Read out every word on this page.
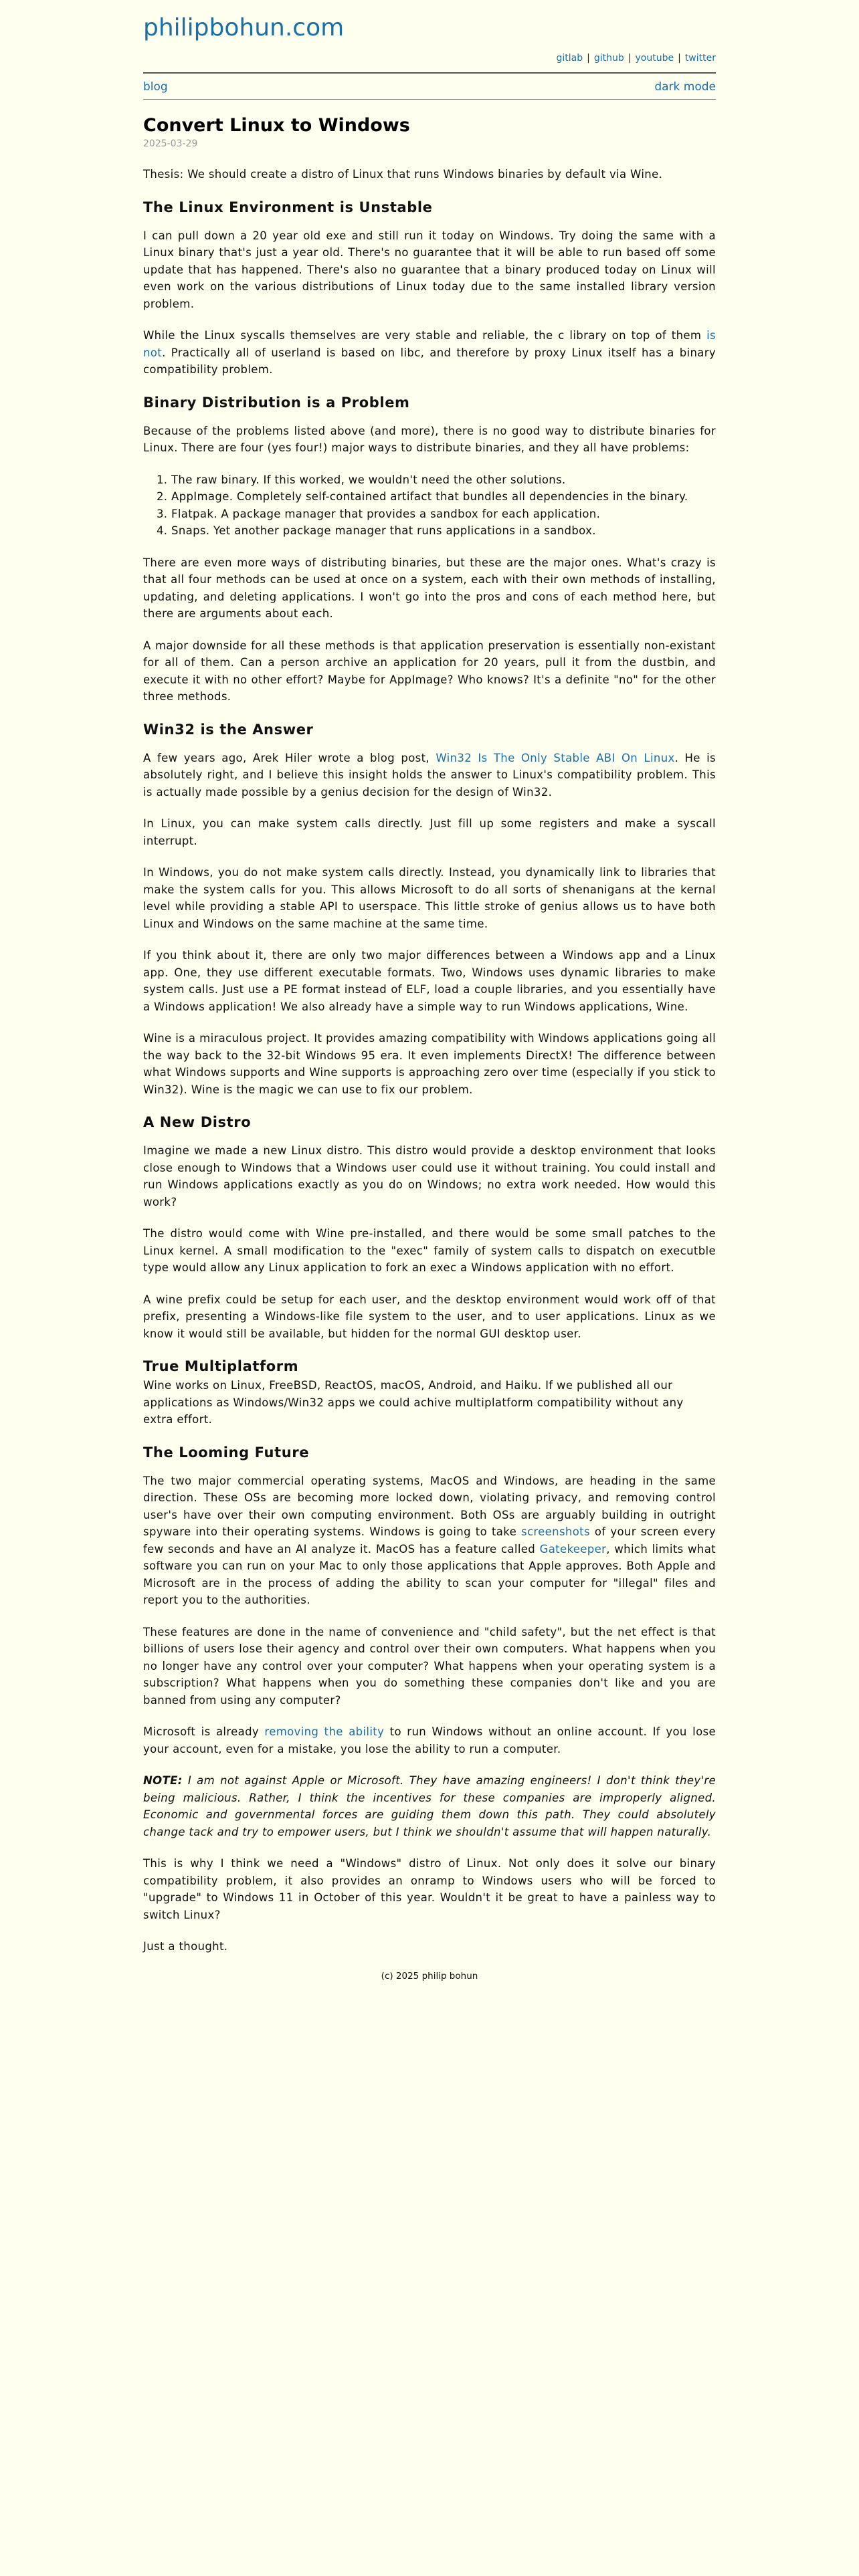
philipbohun.com
gitlab | github | youtube | twitter
blog	dark mode
Convert Linux to Windows
2025-03-29

Thesis: We should create a distro of Linux that runs Windows binaries by default via Wine.

The Linux Environment is Unstable

I can pull down a 20 year old exe and still run it today on Windows. Try doing the same with a Linux binary that's just a year old. There's no guarantee that it will be able to run based off some update that has happened. There's also no guarantee that a binary produced today on Linux will even work on the various distributions of Linux today due to the same installed library version problem.

While the Linux syscalls themselves are very stable and reliable, the c library on top of them is not. Practically all of userland is based on libc, and therefore by proxy Linux itself has a binary compatibility problem.

Binary Distribution is a Problem

Because of the problems listed above (and more), there is no good way to distribute binaries for Linux. There are four (yes four!) major ways to distribute binaries, and they all have problems:

1. The raw binary. If this worked, we wouldn't need the other solutions.
2. AppImage. Completely self-contained artifact that bundles all dependencies in the binary.
3. Flatpak. A package manager that provides a sandbox for each application.
4. Snaps. Yet another package manager that runs applications in a sandbox.

There are even more ways of distributing binaries, but these are the major ones. What's crazy is that all four methods can be used at once on a system, each with their own methods of installing, updating, and deleting applications. I won't go into the pros and cons of each method here, but there are arguments about each.

A major downside for all these methods is that application preservation is essentially non-existant for all of them. Can a person archive an application for 20 years, pull it from the dustbin, and execute it with no other effort? Maybe for AppImage? Who knows? It's a definite "no" for the other three methods.

Win32 is the Answer

A few years ago, Arek Hiler wrote a blog post, Win32 Is The Only Stable ABI On Linux. He is absolutely right, and I believe this insight holds the answer to Linux's compatibility problem. This is actually made possible by a genius decision for the design of Win32.

In Linux, you can make system calls directly. Just fill up some registers and make a syscall interrupt.

In Windows, you do not make system calls directly. Instead, you dynamically link to libraries that make the system calls for you. This allows Microsoft to do all sorts of shenanigans at the kernal level while providing a stable API to userspace. This little stroke of genius allows us to have both Linux and Windows on the same machine at the same time.

If you think about it, there are only two major differences between a Windows app and a Linux app. One, they use different executable formats. Two, Windows uses dynamic libraries to make system calls. Just use a PE format instead of ELF, load a couple libraries, and you essentially have a Windows application! We also already have a simple way to run Windows applications, Wine.

Wine is a miraculous project. It provides amazing compatibility with Windows applications going all the way back to the 32-bit Windows 95 era. It even implements DirectX! The difference between what Windows supports and Wine supports is approaching zero over time (especially if you stick to Win32). Wine is the magic we can use to fix our problem.

A New Distro

Imagine we made a new Linux distro. This distro would provide a desktop environment that looks close enough to Windows that a Windows user could use it without training. You could install and run Windows applications exactly as you do on Windows; no extra work needed. How would this work?

The distro would come with Wine pre-installed, and there would be some small patches to the Linux kernel. A small modification to the "exec" family of system calls to dispatch on executble type would allow any Linux application to fork an exec a Windows application with no effort.

A wine prefix could be setup for each user, and the desktop environment would work off of that prefix, presenting a Windows-like file system to the user, and to user applications. Linux as we know it would still be available, but hidden for the normal GUI desktop user.

True Multiplatform

Wine works on Linux, FreeBSD, ReactOS, macOS, Android, and Haiku. If we published all our applications as Windows/Win32 apps we could achive multiplatform compatibility without any extra effort.

The Looming Future

The two major commercial operating systems, MacOS and Windows, are heading in the same direction. These OSs are becoming more locked down, violating privacy, and removing control user's have over their own computing environment. Both OSs are arguably building in outright spyware into their operating systems. Windows is going to take screenshots of your screen every few seconds and have an AI analyze it. MacOS has a feature called Gatekeeper, which limits what software you can run on your Mac to only those applications that Apple approves. Both Apple and Microsoft are in the process of adding the ability to scan your computer for "illegal" files and report you to the authorities.

These features are done in the name of convenience and "child safety", but the net effect is that billions of users lose their agency and control over their own computers. What happens when you no longer have any control over your computer? What happens when your operating system is a subscription? What happens when you do something these companies don't like and you are banned from using any computer?

Microsoft is already removing the ability to run Windows without an online account. If you lose your account, even for a mistake, you lose the ability to run a computer.

NOTE: I am not against Apple or Microsoft. They have amazing engineers! I don't think they're being malicious. Rather, I think the incentives for these companies are improperly aligned. Economic and governmental forces are guiding them down this path. They could absolutely change tack and try to empower users, but I think we shouldn't assume that will happen naturally.

This is why I think we need a "Windows" distro of Linux. Not only does it solve our binary compatibility problem, it also provides an onramp to Windows users who will be forced to "upgrade" to Windows 11 in October of this year. Wouldn't it be great to have a painless way to switch Linux?

Just a thought.

(c) 2025 philip bohun
